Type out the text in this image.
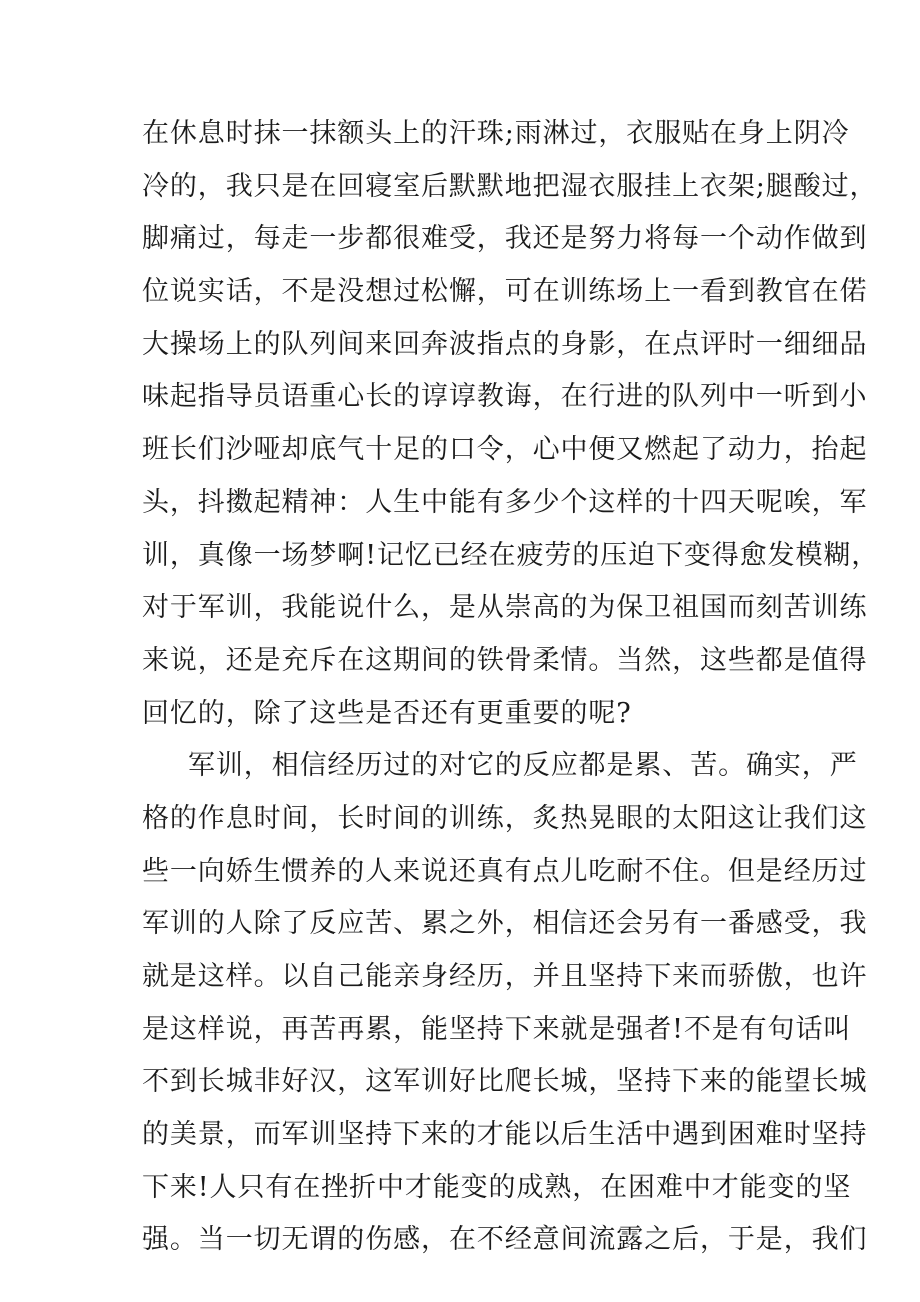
在休息时抹一抹额头上的汗珠;雨淋过，衣服贴在身上阴冷
冷的，我只是在回寝室后默默地把湿衣服挂上衣架;腿酸过，
脚痛过，每走一步都很难受，我还是努力将每一个动作做到
位说实话，不是没想过松懈，可在训练场上一看到教官在偌
大操场上的队列间来回奔波指点的身影，在点评时一细细品
味起指导员语重心长的谆谆教诲，在行进的队列中一听到小
班长们沙哑却底气十足的口令，心中便又燃起了动力，抬起
头，抖擞起精神：人生中能有多少个这样的十四天呢唉，军
训，真像一场梦啊!记忆已经在疲劳的压迫下变得愈发模糊，
对于军训，我能说什么，是从崇高的为保卫祖国而刻苦训练
来说，还是充斥在这期间的铁骨柔情。当然，这些都是值得
回忆的，除了这些是否还有更重要的呢?
军训，相信经历过的对它的反应都是累、苦。确实，严
格的作息时间，长时间的训练，炙热晃眼的太阳这让我们这
些一向娇生惯养的人来说还真有点儿吃耐不住。但是经历过
军训的人除了反应苦、累之外，相信还会另有一番感受，我
就是这样。以自己能亲身经历，并且坚持下来而骄傲，也许
是这样说，再苦再累，能坚持下来就是强者!不是有句话叫
不到长城非好汉，这军训好比爬长城，坚持下来的能望长城
的美景，而军训坚持下来的才能以后生活中遇到困难时坚持
下来!人只有在挫折中才能变的成熟，在困难中才能变的坚
强。当一切无谓的伤感，在不经意间流露之后，于是，我们
